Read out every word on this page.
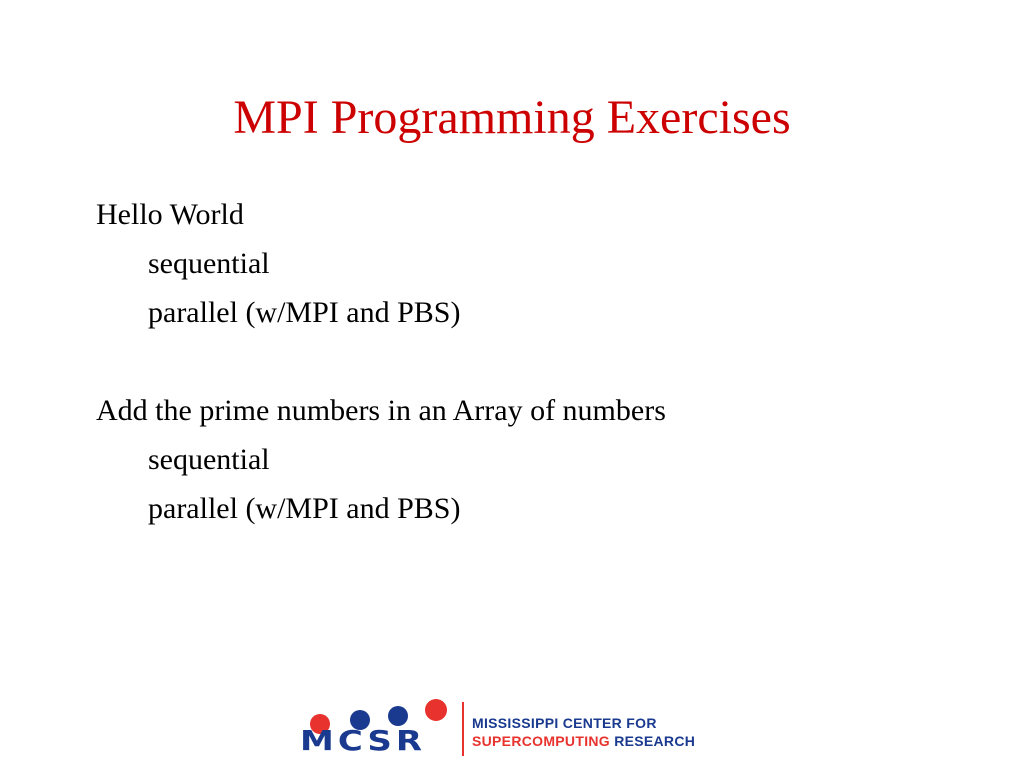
MPI Programming Exercises
Hello World
sequential
parallel (w/MPI and PBS)
Add the prime numbers in an Array of numbers
sequential
parallel (w/MPI and PBS)
MCSR
MISSISSIPPI CENTER FOR
SUPERCOMPUTING RESEARCH
